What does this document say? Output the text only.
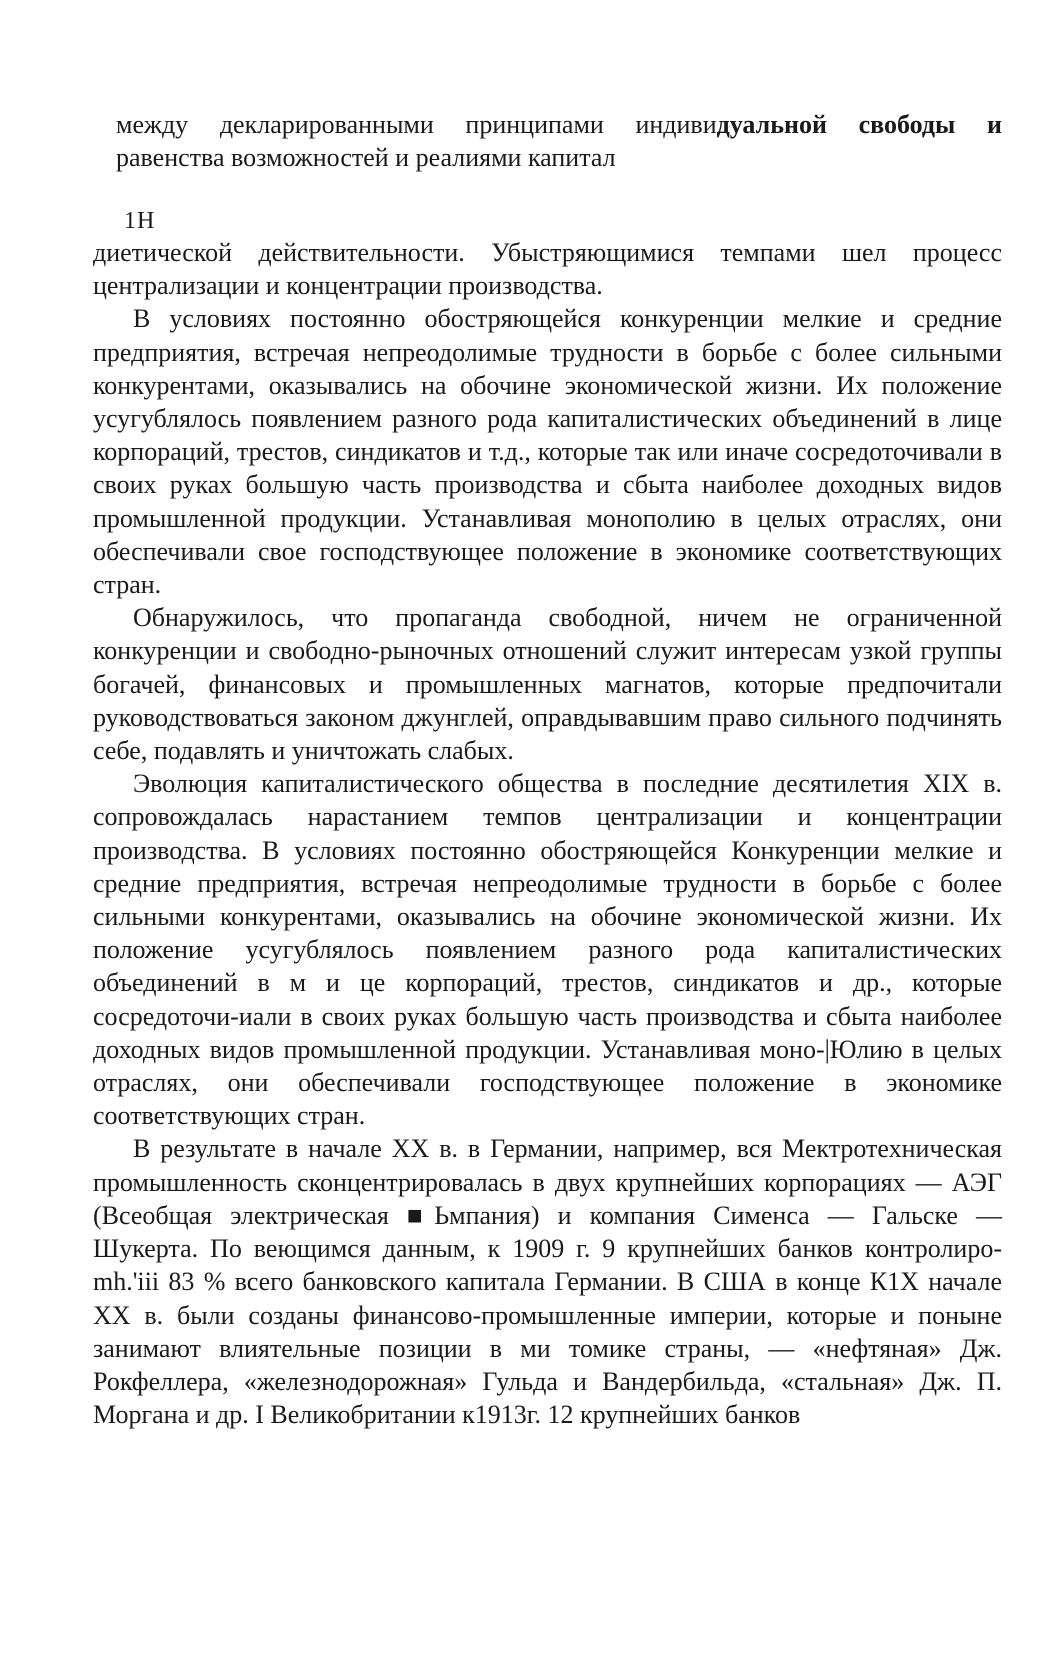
между декларированными принципами индивидуальной свободы и
равенства возможностей и реалиями капитал
1Н

диетической действительности. Убыстряющимися темпами шел процесс централизации и концентрации производства.

В условиях постоянно обостряющейся конкуренции мелкие и средние предприятия, встречая непреодолимые трудности в борьбе с более сильными конкурентами, оказывались на обочине экономической жизни. Их положение усугублялось появлением разного рода капиталистических объединений в лице корпораций, трестов, синдикатов и т.д., которые так или иначе сосредоточивали в своих руках большую часть производства и сбыта наиболее доходных видов промышленной продукции. Устанавливая монополию в целых отраслях, они обеспечивали свое господствующее положение в экономике соответствующих стран.

Обнаружилось, что пропаганда свободной, ничем не ограниченной конкуренции и свободно-рыночных отношений служит интересам узкой группы богачей, финансовых и промышленных магнатов, которые предпочитали руководствоваться законом джунглей, оправдывавшим право сильного подчинять себе, подавлять и уничтожать слабых.

Эволюция капиталистического общества в последние десятилетия XIX в. сопровождалась нарастанием темпов централизации и концентрации производства. В условиях постоянно обостряющейся Конкуренции мелкие и средние предприятия, встречая непреодолимые трудности в борьбе с более сильными конкурентами, оказывались на обочине экономической жизни. Их положение усугублялось появлением разного рода капиталистических объединений в м и це корпораций, трестов, синдикатов и др., которые сосредоточи-иали в своих руках большую часть производства и сбыта наиболее доходных видов промышленной продукции. Устанавливая моно-|Юлию в целых отраслях, они обеспечивали господствующее положение в экономике соответствующих стран.

В результате в начале XX в. в Германии, например, вся Мектротехническая промышленность сконцентрировалась в двух крупнейших корпорациях — АЭГ (Всеобщая электрическая ■Ьмпания) и компания Сименса — Гальске — Шукерта. По веющимся данным, к 1909 г. 9 крупнейших банков контролиро-mh.'iii 83 % всего банковского капитала Германии. В США в конце К1Х начале XX в. были созданы финансово-промышленные империи, которые и поныне занимают влиятельные позиции в ми томике страны, — «нефтяная» Дж. Рокфеллера, «железнодорожная» Гульда и Вандербильда, «стальная» Дж. П. Моргана и др. I Великобритании к1913г. 12 крупнейших банков
